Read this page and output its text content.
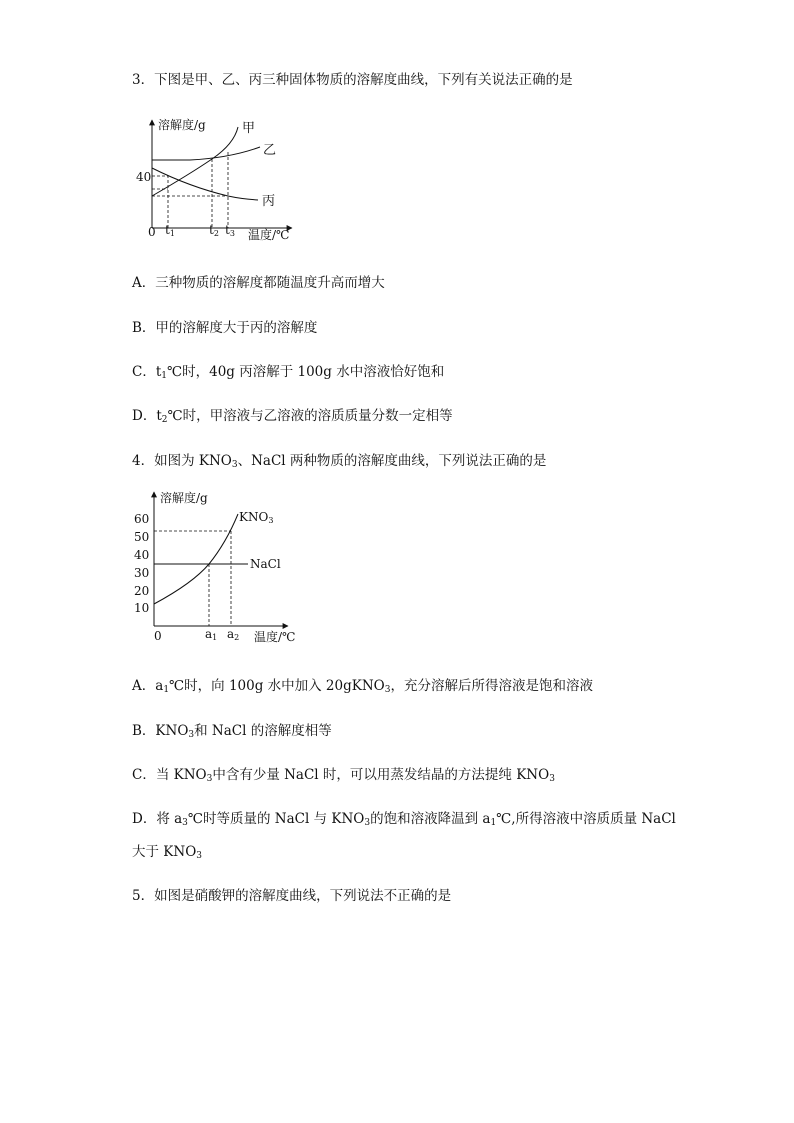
3．下图是甲、乙、丙三种固体物质的溶解度曲线，下列有关说法正确的是
溶解度/g
温度/℃
0
40
甲
乙
丙
t1	t2 t3
A．三种物质的溶解度都随温度升高而增大
B．甲的溶解度大于丙的溶解度
C．$t_1℃$时，40g 丙溶解于 100g 水中溶液恰好饱和
D．$t_2℃$时，甲溶液与乙溶液的溶质质量分数一定相等
4．如图为 $KNO_3$、NaCl 两种物质的溶解度曲线，下列说法正确的是
溶解度/g
温度/℃
0
60
50
40
30
20
10
KNO3
NaCl
a1 a2
A．$a_1℃$时，向 100g 水中加入 20gKNO$_3$，充分溶解后所得溶液是饱和溶液
B．$KNO_3$和 NaCl 的溶解度相等
C．当 $KNO_3$中含有少量 NaCl 时，可以用蒸发结晶的方法提纯 $KNO_3$
D．将 $a_3℃$时等质量的 NaCl 与 $KNO_3$的饱和溶液降温到 $a_1℃$,所得溶液中溶质质量 NaCl
大于 $KNO_3$
5．如图是硝酸钾的溶解度曲线，下列说法不正确的是
